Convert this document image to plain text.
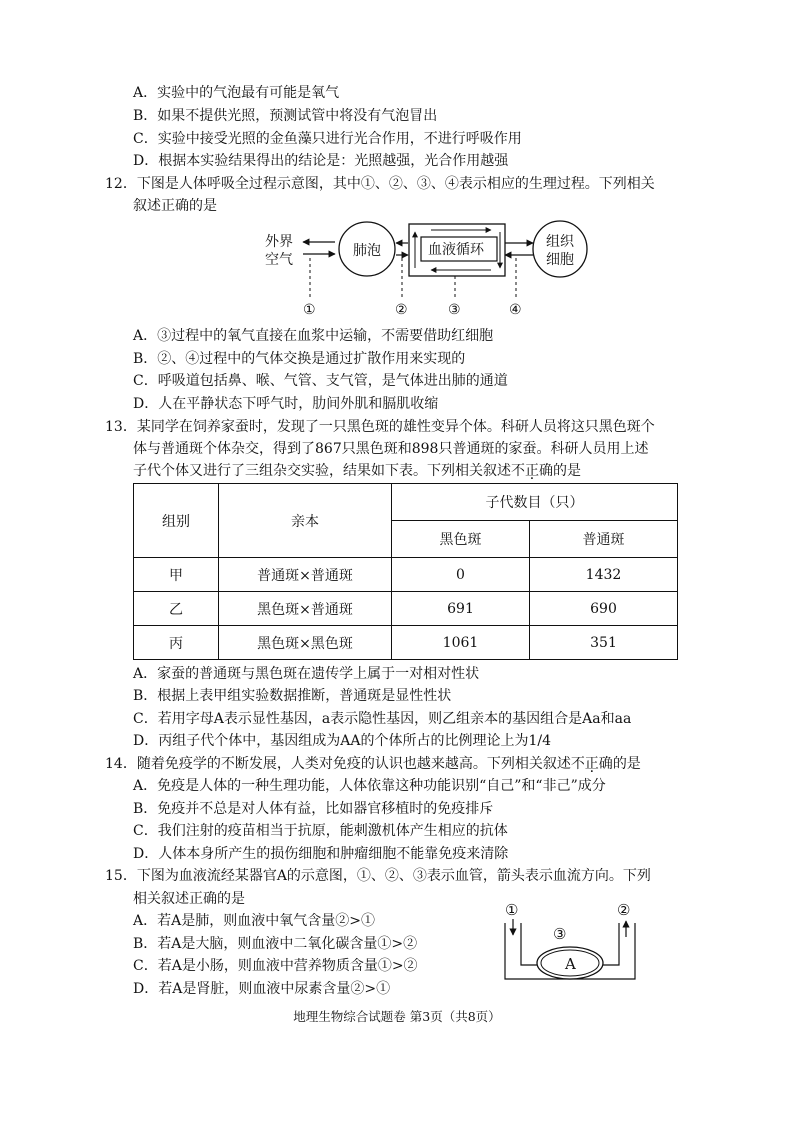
A．实验中的气泡最有可能是氧气
B．如果不提供光照，预测试管中将没有气泡冒出
C．实验中接受光照的金鱼藻只进行光合作用，不进行呼吸作用
D．根据本实验结果得出的结论是：光照越强，光合作用越强
12．下图是人体呼吸全过程示意图，其中①、②、③、④表示相应的生理过程。下列相关
叙述正确的是
外界
空气
肺泡	血液循环	组织
细胞
①	②	③	④
A．③过程中的氧气直接在血浆中运输，不需要借助红细胞
B．②、④过程中的气体交换是通过扩散作用来实现的
C．呼吸道包括鼻、喉、气管、支气管，是气体进出肺的通道
D．人在平静状态下呼气时，肋间外肌和膈肌收缩
13．某同学在饲养家蚕时，发现了一只黑色斑的雄性变异个体。科研人员将这只黑色斑个
体与普通斑个体杂交，得到了867只黑色斑和898只普通斑的家蚕。科研人员用上述
子代个体又进行了三组杂交实验，结果如下表。下列相关叙述不正确的是
组别	亲本	子代数目（只）	
		黑色斑	普通斑
甲	普通斑×普通斑	0	1432
乙	黑色斑×普通斑	691	690
丙	黑色斑×黑色斑	1061	351
A．家蚕的普通斑与黑色斑在遗传学上属于一对相对性状
B．根据上表甲组实验数据推断，普通斑是显性性状
C．若用字母A表示显性基因，a表示隐性基因，则乙组亲本的基因组合是Aa和aa
D．丙组子代个体中，基因组成为AA的个体所占的比例理论上为1/4
14．随着免疫学的不断发展，人类对免疫的认识也越来越高。下列相关叙述不正确的是
A．免疫是人体的一种生理功能，人体依靠这种功能识别“自己”和“非己”成分
B．免疫并不总是对人体有益，比如器官移植时的免疫排斥
C．我们注射的疫苗相当于抗原，能刺激机体产生相应的抗体
D．人体本身所产生的损伤细胞和肿瘤细胞不能靠免疫来清除
15．下图为血液流经某器官A的示意图，①、②、③表示血管，箭头表示血流方向。下列
相关叙述正确的是
A．若A是肺，则血液中氧气含量②>①
B．若A是大脑，则血液中二氧化碳含量①>②
C．若A是小肠，则血液中营养物质含量①>②
D．若A是肾脏，则血液中尿素含量②>①
①	②
③
A
地理生物综合试题卷 第3页（共8页）
